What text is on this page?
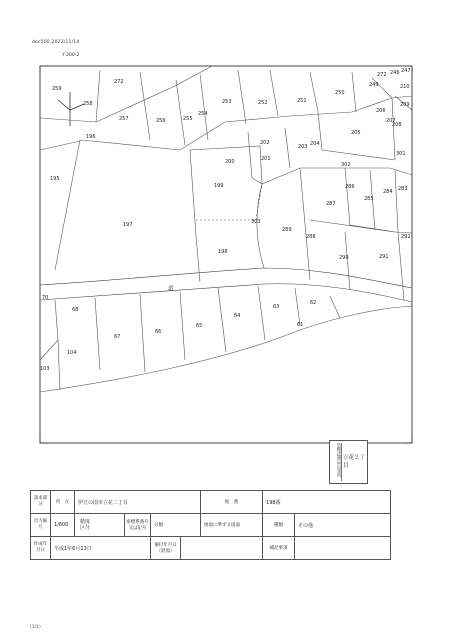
doc500.2022/11/14
Y 200-2
259
258
272
257	256	255
254
253	252	251
250
249
272 246 247
210
209
206
207
208
205
196
202
203 204
200	201
301
302
195
199	286
285
284 283
287
197	303
289
288	292
198
290	291
70
62
68	63
64
65	61
67
66
104
103
道
管轄法務局出張所 立花２丁目
請求部分	所　在	伊豆の国市立花二丁目				地　番	198番	
出力縮尺	1/600	精度区分	座標系番号又は記号	分類		地図に準ずる図面	種類	その他
作成年月日	平成1年6月13日			備付年月日（原図）			補記事項	
(1/1)
